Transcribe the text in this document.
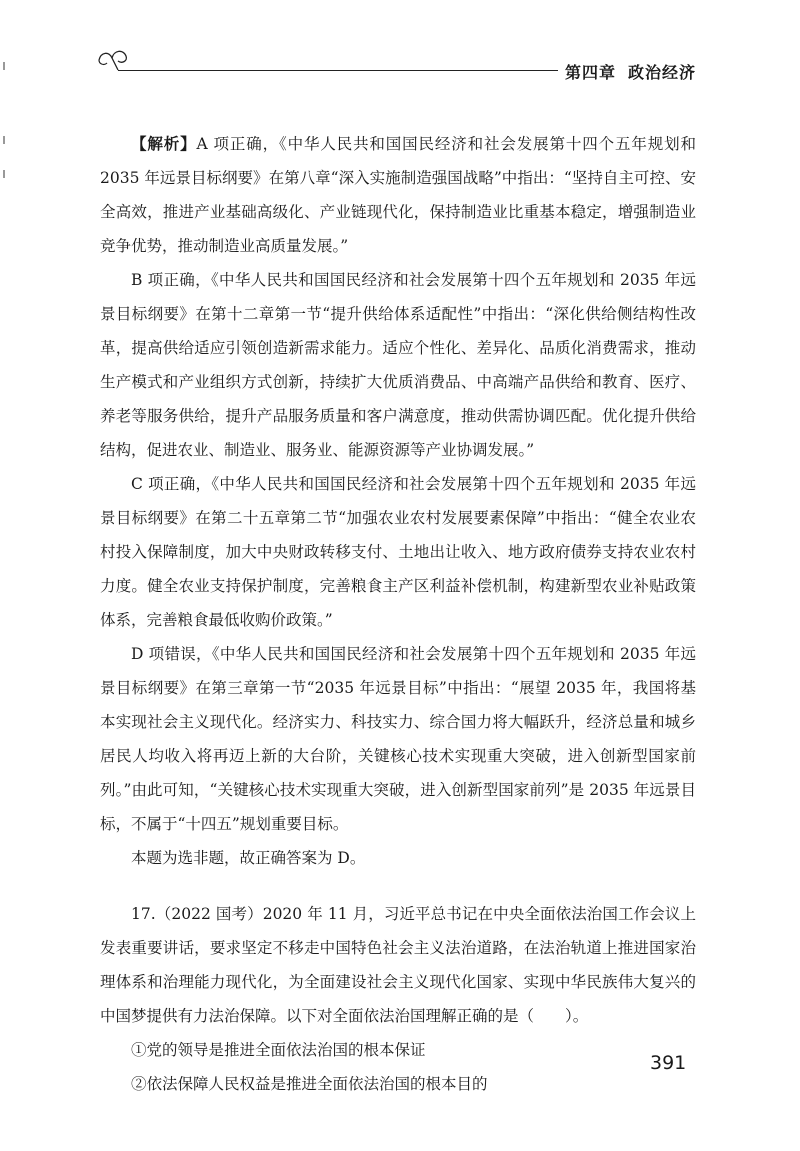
第四章 政治经济

【解析】A 项正确，《中华人民共和国国民经济和社会发展第十四个五年规划和 2035 年远景目标纲要》在第八章“深入实施制造强国战略”中指出：“坚持自主可控、安全高效，推进产业基础高级化、产业链现代化，保持制造业比重基本稳定，增强制造业竞争优势，推动制造业高质量发展。”

B 项正确，《中华人民共和国国民经济和社会发展第十四个五年规划和 2035 年远景目标纲要》在第十二章第一节“提升供给体系适配性”中指出：“深化供给侧结构性改革，提高供给适应引领创造新需求能力。适应个性化、差异化、品质化消费需求，推动生产模式和产业组织方式创新，持续扩大优质消费品、中高端产品供给和教育、医疗、养老等服务供给，提升产品服务质量和客户满意度，推动供需协调匹配。优化提升供给结构，促进农业、制造业、服务业、能源资源等产业协调发展。”

C 项正确，《中华人民共和国国民经济和社会发展第十四个五年规划和 2035 年远景目标纲要》在第二十五章第二节“加强农业农村发展要素保障”中指出：“健全农业农村投入保障制度，加大中央财政转移支付、土地出让收入、地方政府债券支持农业农村力度。健全农业支持保护制度，完善粮食主产区利益补偿机制，构建新型农业补贴政策体系，完善粮食最低收购价政策。”

D 项错误，《中华人民共和国国民经济和社会发展第十四个五年规划和 2035 年远景目标纲要》在第三章第一节“2035 年远景目标”中指出：“展望 2035 年，我国将基本实现社会主义现代化。经济实力、科技实力、综合国力将大幅跃升，经济总量和城乡居民人均收入将再迈上新的大台阶，关键核心技术实现重大突破，进入创新型国家前列。”由此可知，“关键核心技术实现重大突破，进入创新型国家前列”是 2035 年远景目标，不属于“十四五”规划重要目标。

本题为选非题，故正确答案为 D。

17.（2022 国考）2020 年 11 月，习近平总书记在中央全面依法治国工作会议上发表重要讲话，要求坚定不移走中国特色社会主义法治道路，在法治轨道上推进国家治理体系和治理能力现代化，为全面建设社会主义现代化国家、实现中华民族伟大复兴的中国梦提供有力法治保障。以下对全面依法治国理解正确的是（　　）。

①党的领导是推进全面依法治国的根本保证

②依法保障人民权益是推进全面依法治国的根本目的

391
